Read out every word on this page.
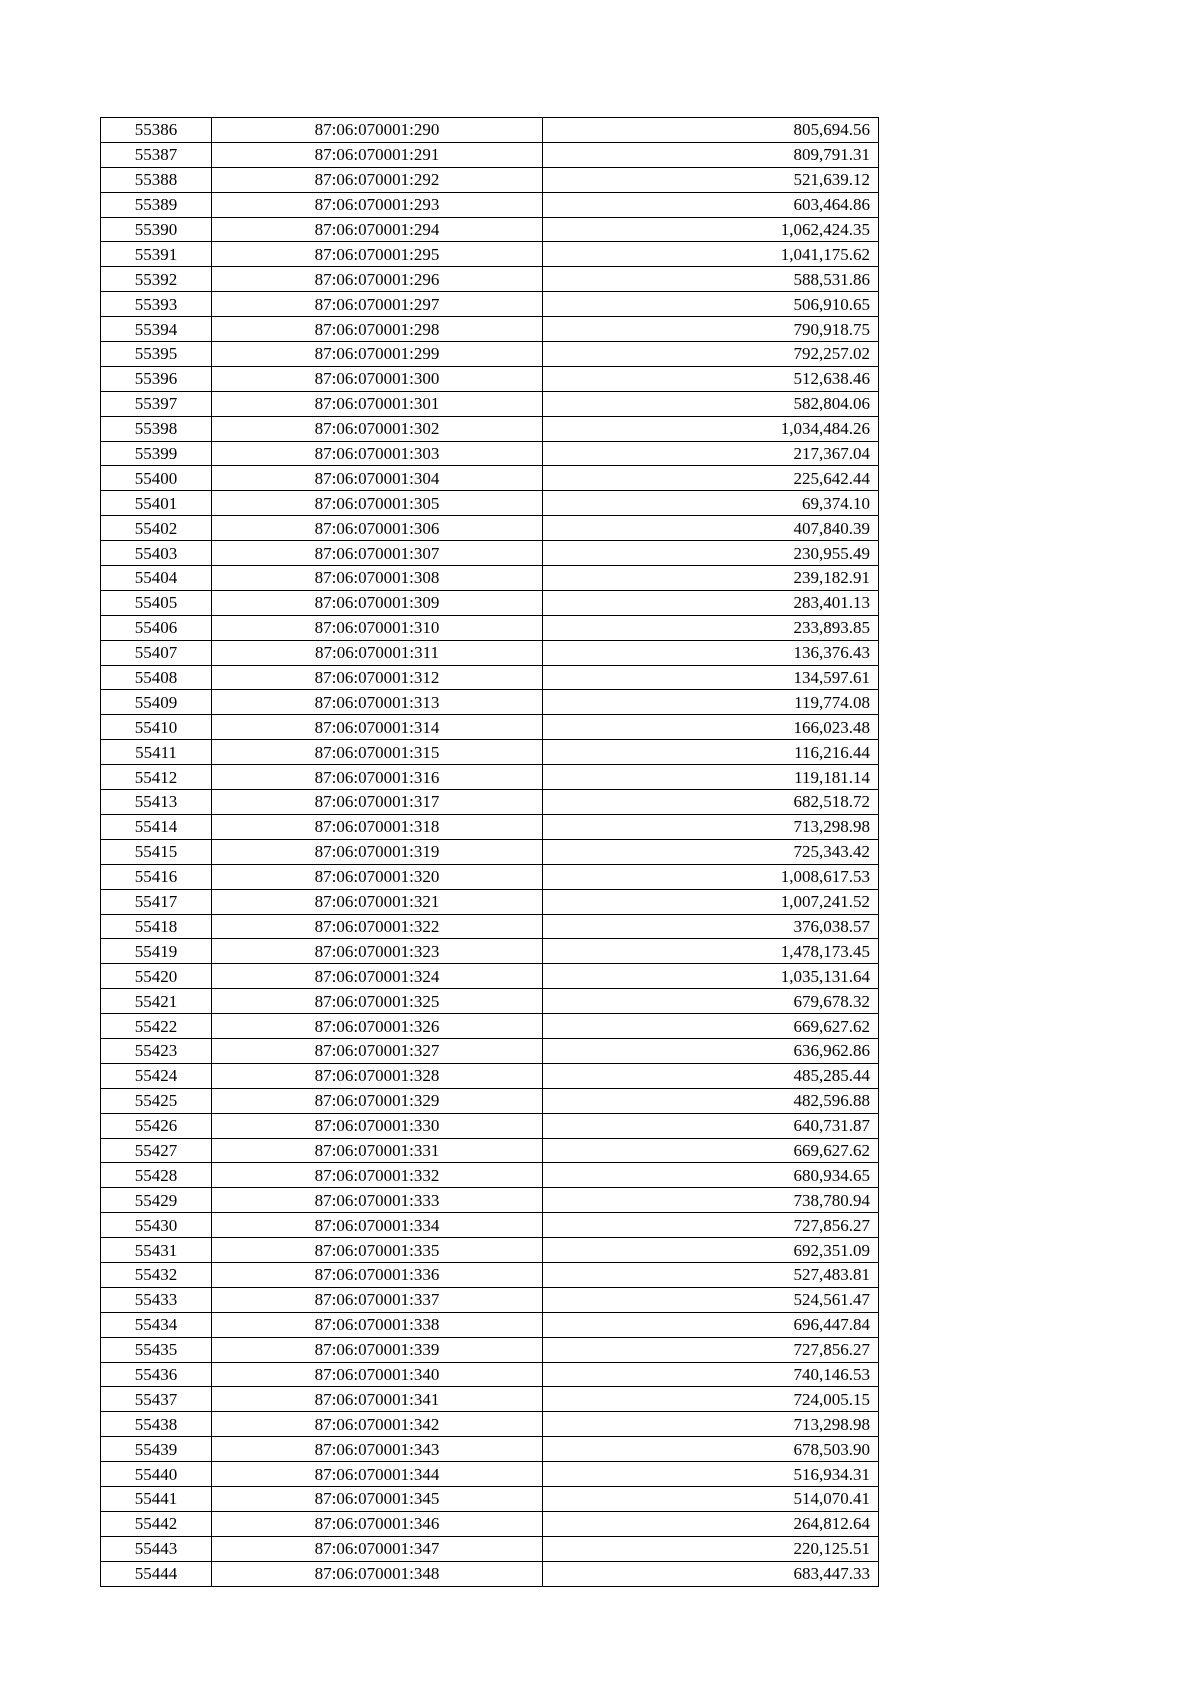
55386	87:06:070001:290	805,694.56
55387	87:06:070001:291	809,791.31
55388	87:06:070001:292	521,639.12
55389	87:06:070001:293	603,464.86
55390	87:06:070001:294	1,062,424.35
55391	87:06:070001:295	1,041,175.62
55392	87:06:070001:296	588,531.86
55393	87:06:070001:297	506,910.65
55394	87:06:070001:298	790,918.75
55395	87:06:070001:299	792,257.02
55396	87:06:070001:300	512,638.46
55397	87:06:070001:301	582,804.06
55398	87:06:070001:302	1,034,484.26
55399	87:06:070001:303	217,367.04
55400	87:06:070001:304	225,642.44
55401	87:06:070001:305	69,374.10
55402	87:06:070001:306	407,840.39
55403	87:06:070001:307	230,955.49
55404	87:06:070001:308	239,182.91
55405	87:06:070001:309	283,401.13
55406	87:06:070001:310	233,893.85
55407	87:06:070001:311	136,376.43
55408	87:06:070001:312	134,597.61
55409	87:06:070001:313	119,774.08
55410	87:06:070001:314	166,023.48
55411	87:06:070001:315	116,216.44
55412	87:06:070001:316	119,181.14
55413	87:06:070001:317	682,518.72
55414	87:06:070001:318	713,298.98
55415	87:06:070001:319	725,343.42
55416	87:06:070001:320	1,008,617.53
55417	87:06:070001:321	1,007,241.52
55418	87:06:070001:322	376,038.57
55419	87:06:070001:323	1,478,173.45
55420	87:06:070001:324	1,035,131.64
55421	87:06:070001:325	679,678.32
55422	87:06:070001:326	669,627.62
55423	87:06:070001:327	636,962.86
55424	87:06:070001:328	485,285.44
55425	87:06:070001:329	482,596.88
55426	87:06:070001:330	640,731.87
55427	87:06:070001:331	669,627.62
55428	87:06:070001:332	680,934.65
55429	87:06:070001:333	738,780.94
55430	87:06:070001:334	727,856.27
55431	87:06:070001:335	692,351.09
55432	87:06:070001:336	527,483.81
55433	87:06:070001:337	524,561.47
55434	87:06:070001:338	696,447.84
55435	87:06:070001:339	727,856.27
55436	87:06:070001:340	740,146.53
55437	87:06:070001:341	724,005.15
55438	87:06:070001:342	713,298.98
55439	87:06:070001:343	678,503.90
55440	87:06:070001:344	516,934.31
55441	87:06:070001:345	514,070.41
55442	87:06:070001:346	264,812.64
55443	87:06:070001:347	220,125.51
55444	87:06:070001:348	683,447.33
